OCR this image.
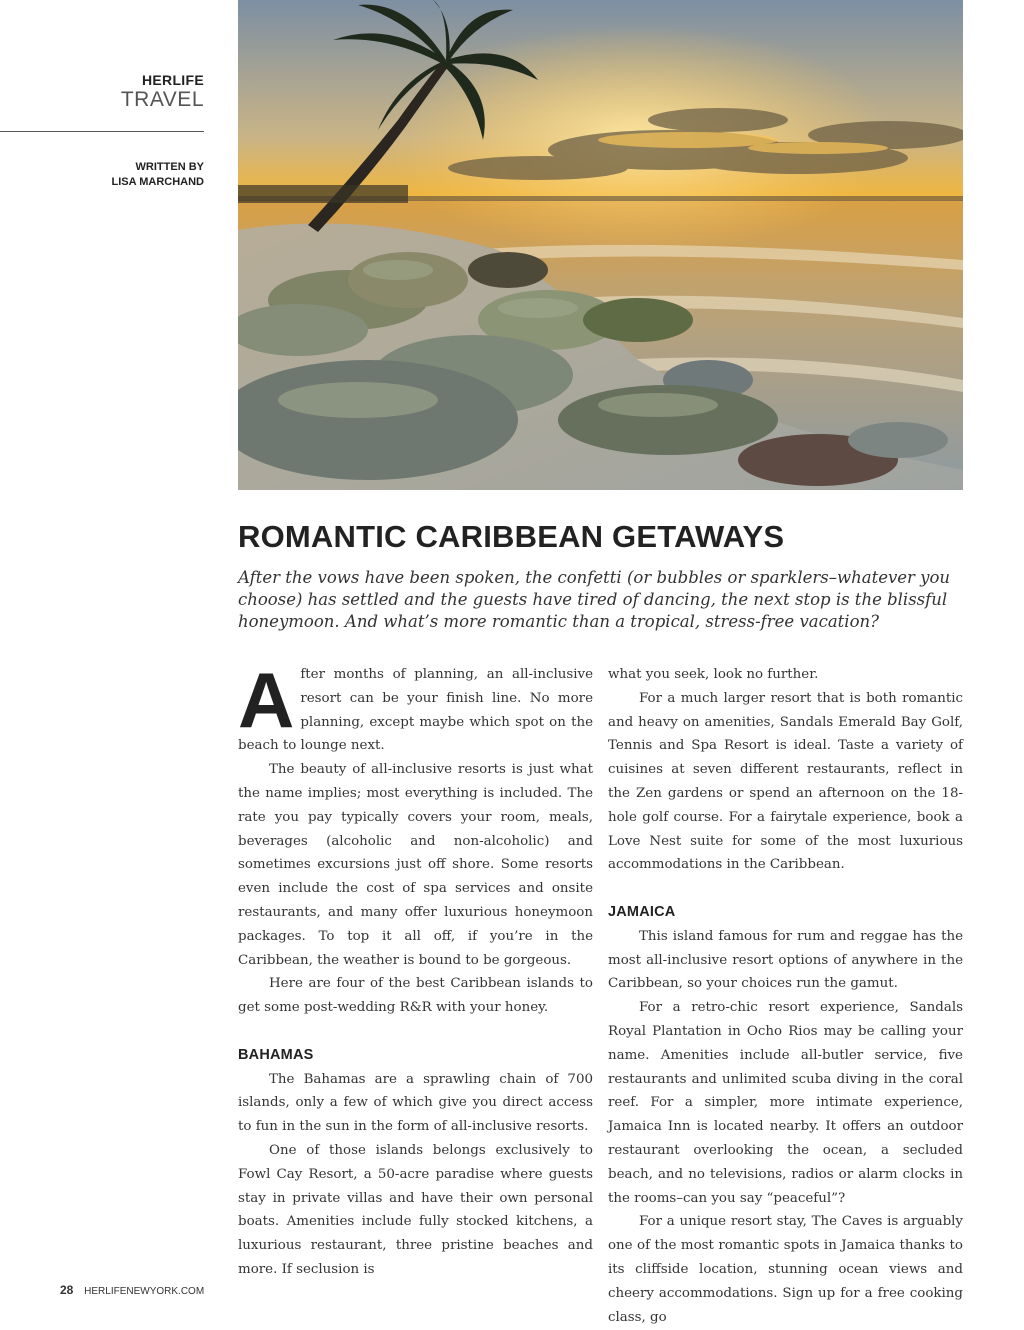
HERLIFE
TRAVEL
WRITTEN BY
LISA MARCHAND
ROMANTIC CARIBBEAN GETAWAYS

After the vows have been spoken, the confetti (or bubbles or sparklers–whatever you choose) has settled and the guests have tired of dancing, the next stop is the blissful honeymoon. And what’s more romantic than a tropical, stress-free vacation?

After months of planning, an all-inclusive resort can be your finish line. No more planning, except maybe which spot on the beach to lounge next.

The beauty of all-inclusive resorts is just what the name implies; most everything is included. The rate you pay typically covers your room, meals, beverages (alcoholic and non-alcoholic) and sometimes excursions just off shore. Some resorts even include the cost of spa services and onsite restaurants, and many offer luxurious honeymoon packages. To top it all off, if you’re in the Caribbean, the weather is bound to be gorgeous.

Here are four of the best Caribbean islands to get some post-wedding R&R with your honey.

BAHAMAS

The Bahamas are a sprawling chain of 700 islands, only a few of which give you direct access to fun in the sun in the form of all-inclusive resorts.

One of those islands belongs exclusively to Fowl Cay Resort, a 50-acre paradise where guests stay in private villas and have their own personal boats. Amenities include fully stocked kitchens, a luxurious restaurant, three pristine beaches and more. If seclusion is

what you seek, look no further.

For a much larger resort that is both romantic and heavy on amenities, Sandals Emerald Bay Golf, Tennis and Spa Resort is ideal. Taste a variety of cuisines at seven different restaurants, reflect in the Zen gardens or spend an afternoon on the 18-hole golf course. For a fairytale experience, book a Love Nest suite for some of the most luxurious accommodations in the Caribbean.

JAMAICA

This island famous for rum and reggae has the most all-inclusive resort options of anywhere in the Caribbean, so your choices run the gamut.

For a retro-chic resort experience, Sandals Royal Plantation in Ocho Rios may be calling your name. Amenities include all-butler service, five restaurants and unlimited scuba diving in the coral reef. For a simpler, more intimate experience, Jamaica Inn is located nearby. It offers an outdoor restaurant overlooking the ocean, a secluded beach, and no televisions, radios or alarm clocks in the rooms–can you say “peaceful”?

For a unique resort stay, The Caves is arguably one of the most romantic spots in Jamaica thanks to its cliffside location, stunning ocean views and cheery accommodations. Sign up for a free cooking class, go

28 HERLIFENEWYORK.COM
